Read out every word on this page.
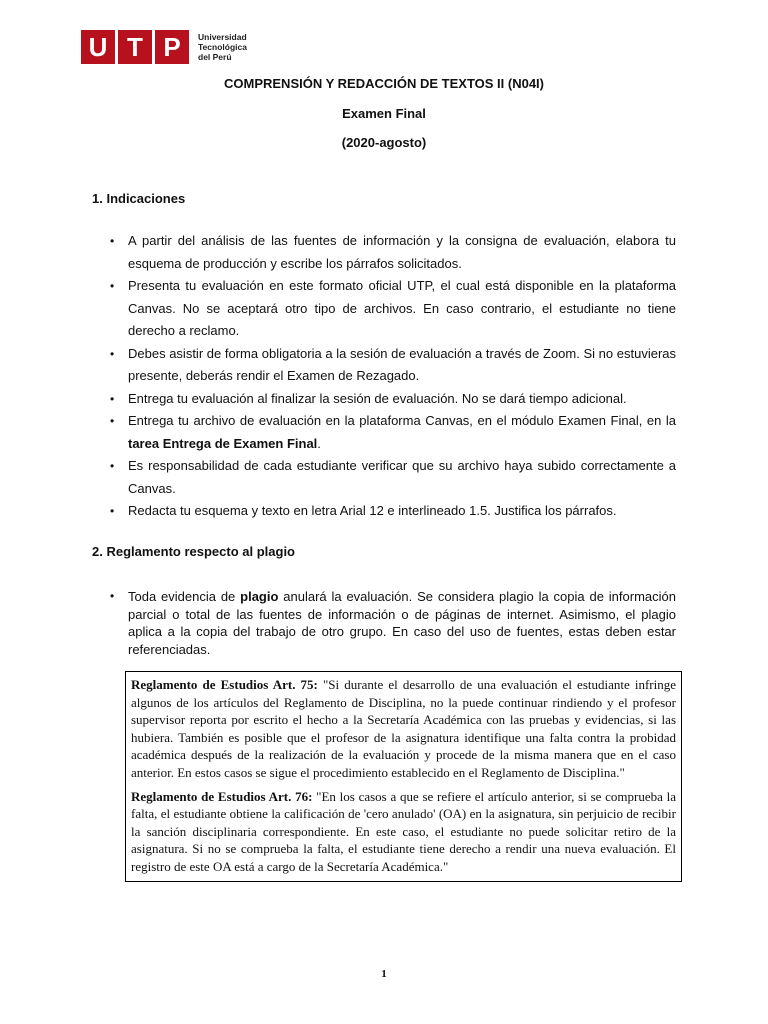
U T P	Universidad
Tecnológica
del Perú
COMPRENSIÓN Y REDACCIÓN DE TEXTOS II (N04I)
Examen Final
(2020-agosto)
1. Indicaciones
• A partir del análisis de las fuentes de información y la consigna de evaluación, elabora tu esquema de producción y escribe los párrafos solicitados.
• Presenta tu evaluación en este formato oficial UTP, el cual está disponible en la plataforma Canvas. No se aceptará otro tipo de archivos. En caso contrario, el estudiante no tiene derecho a reclamo.
• Debes asistir de forma obligatoria a la sesión de evaluación a través de Zoom. Si no estuvieras presente, deberás rendir el Examen de Rezagado.
• Entrega tu evaluación al finalizar la sesión de evaluación. No se dará tiempo adicional.
• Entrega tu archivo de evaluación en la plataforma Canvas, en el módulo Examen Final, en la tarea Entrega de Examen Final.
• Es responsabilidad de cada estudiante verificar que su archivo haya subido correctamente a Canvas.
• Redacta tu esquema y texto en letra Arial 12 e interlineado 1.5. Justifica los párrafos.
2. Reglamento respecto al plagio
• Toda evidencia de plagio anulará la evaluación. Se considera plagio la copia de información parcial o total de las fuentes de información o de páginas de internet. Asimismo, el plagio aplica a la copia del trabajo de otro grupo. En caso del uso de fuentes, estas deben estar referenciadas.

Reglamento de Estudios Art. 75: "Si durante el desarrollo de una evaluación el estudiante infringe algunos de los artículos del Reglamento de Disciplina, no la puede continuar rindiendo y el profesor supervisor reporta por escrito el hecho a la Secretaría Académica con las pruebas y evidencias, si las hubiera. También es posible que el profesor de la asignatura identifique una falta contra la probidad académica después de la realización de la evaluación y procede de la misma manera que en el caso anterior. En estos casos se sigue el procedimiento establecido en el Reglamento de Disciplina."

Reglamento de Estudios Art. 76: "En los casos a que se refiere el artículo anterior, si se comprueba la falta, el estudiante obtiene la calificación de 'cero anulado' (OA) en la asignatura, sin perjuicio de recibir la sanción disciplinaria correspondiente. En este caso, el estudiante no puede solicitar retiro de la asignatura. Si no se comprueba la falta, el estudiante tiene derecho a rendir una nueva evaluación. El registro de este OA está a cargo de la Secretaría Académica."

1
